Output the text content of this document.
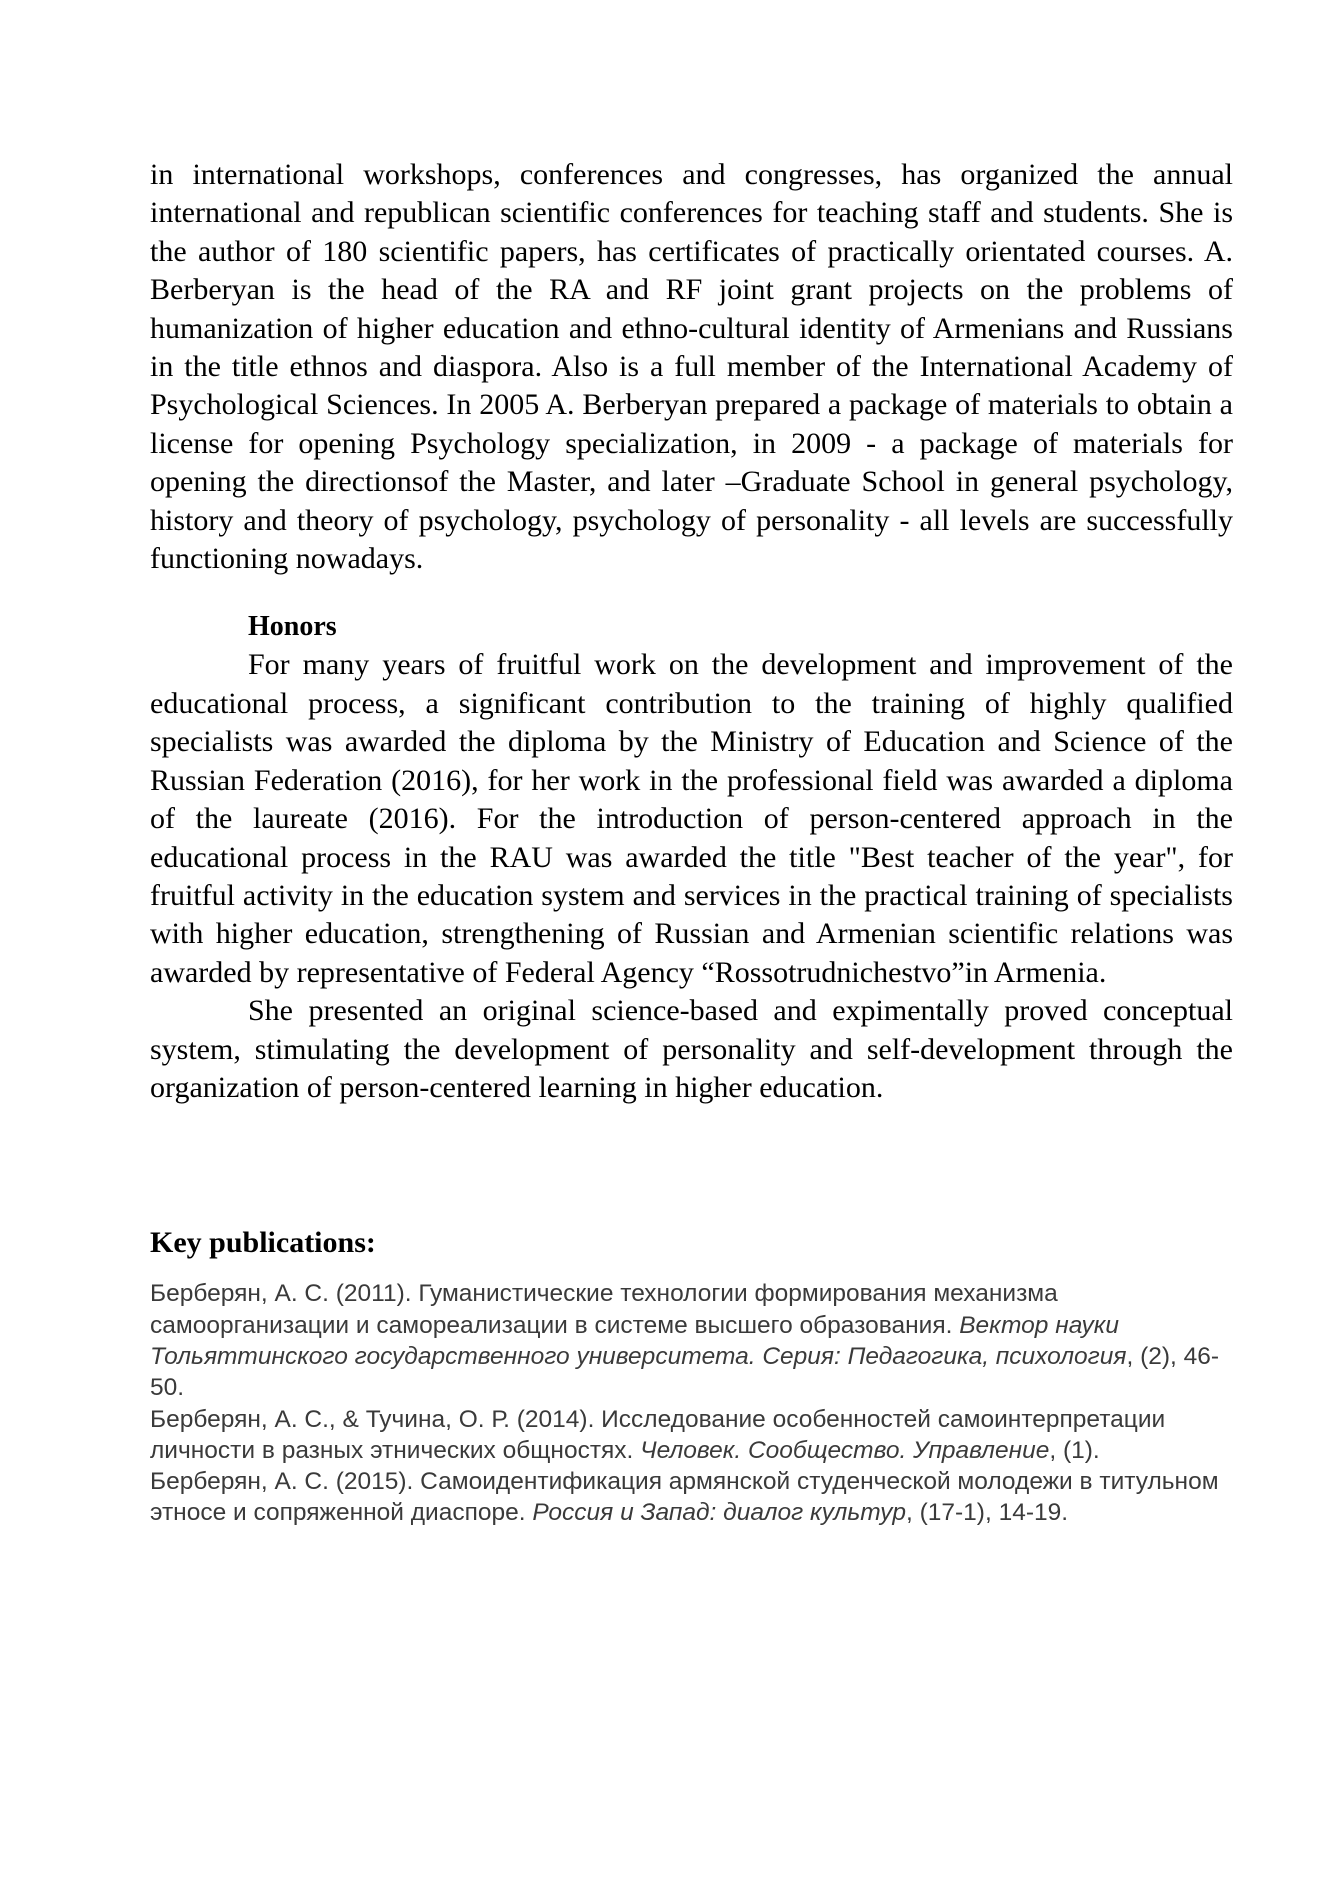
in international workshops, conferences and congresses, has organized the annual international and republican scientific conferences for teaching staff and students. She is the author of 180 scientific papers, has certificates of practically orientated courses. A. Berberyan is the head of the RA and RF joint grant projects on the problems of humanization of higher education and ethno-cultural identity of Armenians and Russians in the title ethnos and diaspora. Also is a full member of the International Academy of Psychological Sciences. In 2005 A. Berberyan prepared a package of materials to obtain a license for opening Psychology specialization, in 2009 - a package of materials for opening the directionsof the Master, and later –Graduate School in general psychology, history and theory of psychology, psychology of personality - all levels are successfully functioning nowadays.

Honors

For many years of fruitful work on the development and improvement of the educational process, a significant contribution to the training of highly qualified specialists was awarded the diploma by the Ministry of Education and Science of the Russian Federation (2016), for her work in the professional field was awarded a diploma of the laureate (2016). For the introduction of person-centered approach in the educational process in the RAU was awarded the title "Best teacher of the year", for fruitful activity in the education system and services in the practical training of specialists with higher education, strengthening of Russian and Armenian scientific relations was awarded by representative of Federal Agency “Rossotrudnichestvo”in Armenia.

She presented an original science-based and expimentally proved conceptual system, stimulating the development of personality and self-development through the organization of person-centered learning in higher education.

Key publications:

Берберян, А. С. (2011). Гуманистические технологии формирования механизма самоорганизации и самореализации в системе высшего образования. Вектор науки Тольяттинского государственного университета. Серия: Педагогика, психология, (2), 46-50.

Берберян, А. С., & Тучина, О. Р. (2014). Исследование особенностей самоинтерпретации личности в разных этнических общностях. Человек. Сообщество. Управление, (1).

Берберян, А. С. (2015). Самоидентификация армянской студенческой молодежи в титульном этносе и сопряженной диаспоре. Россия и Запад: диалог культур, (17-1), 14-19.
